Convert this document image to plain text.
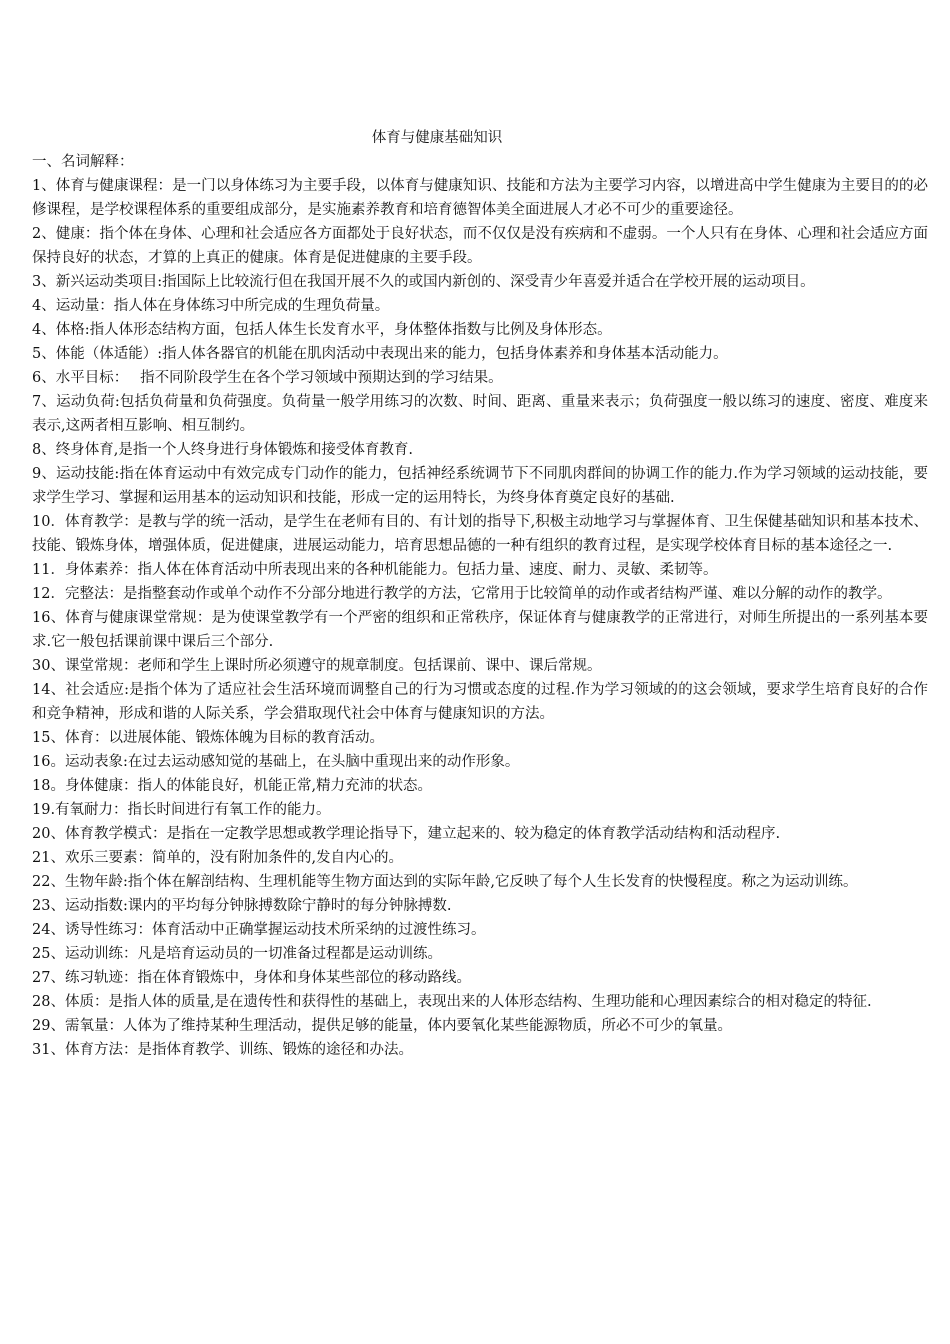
体育与健康基础知识

一、名词解释：

1、体育与健康课程：是一门以身体练习为主要手段，以体育与健康知识、技能和方法为主要学习内容，以增进高中学生健康为主要目的的必修课程，是学校课程体系的重要组成部分，是实施素养教育和培育德智体美全面进展人才必不可少的重要途径。

2、健康：指个体在身体、心理和社会适应各方面都处于良好状态，而不仅仅是没有疾病和不虚弱。一个人只有在身体、心理和社会适应方面保持良好的状态，才算的上真正的健康。体育是促进健康的主要手段。

3、新兴运动类项目:指国际上比较流行但在我国开展不久的或国内新创的、深受青少年喜爱并适合在学校开展的运动项目。

4、运动量：指人体在身体练习中所完成的生理负荷量。

4、体格:指人体形态结构方面，包括人体生长发育水平，身体整体指数与比例及身体形态。

5、体能（体适能）:指人体各器官的机能在肌肉活动中表现出来的能力，包括身体素养和身体基本活动能力。

6、水平目标：　 指不同阶段学生在各个学习领域中预期达到的学习结果。

7、运动负荷:包括负荷量和负荷强度。负荷量一般学用练习的次数、时间、距离、重量来表示；负荷强度一般以练习的速度、密度、难度来表示,这两者相互影响、相互制约。

8、终身体育,是指一个人终身进行身体锻炼和接受体育教育.

9、运动技能:指在体育运动中有效完成专门动作的能力，包括神经系统调节下不同肌肉群间的协调工作的能力.作为学习领域的运动技能，要求学生学习、掌握和运用基本的运动知识和技能，形成一定的运用特长，为终身体育奠定良好的基础.

10．体育教学：是教与学的统一活动，是学生在老师有目的、有计划的指导下,积极主动地学习与掌握体育、卫生保健基础知识和基本技术、技能、锻炼身体，增强体质，促进健康，进展运动能力，培育思想品德的一种有组织的教育过程，是实现学校体育目标的基本途径之一.

11．身体素养：指人体在体育活动中所表现出来的各种机能能力。包括力量、速度、耐力、灵敏、柔韧等。

12．完整法：是指整套动作或单个动作不分部分地进行教学的方法，它常用于比较简单的动作或者结构严谨、难以分解的动作的教学。

16、体育与健康课堂常规：是为使课堂教学有一个严密的组织和正常秩序，保证体育与健康教学的正常进行，对师生所提出的一系列基本要求.它一般包括课前课中课后三个部分.

30、课堂常规：老师和学生上课时所必须遵守的规章制度。包括课前、课中、课后常规。

14、社会适应:是指个体为了适应社会生活环境而调整自己的行为习惯或态度的过程.作为学习领域的的这会领域，要求学生培育良好的合作和竞争精神，形成和谐的人际关系，学会猎取现代社会中体育与健康知识的方法。

15、体育：以进展体能、锻炼体魄为目标的教育活动。

16。运动表象:在过去运动感知觉的基础上，在头脑中重现出来的动作形象。

18。身体健康：指人的体能良好，机能正常,精力充沛的状态。

19.有氧耐力：指长时间进行有氧工作的能力。

20、体育教学模式：是指在一定教学思想或教学理论指导下，建立起来的、较为稳定的体育教学活动结构和活动程序.

21、欢乐三要素：简单的，没有附加条件的,发自内心的。

22、生物年龄:指个体在解剖结构、生理机能等生物方面达到的实际年龄,它反映了每个人生长发育的快慢程度。称之为运动训练。

23、运动指数:课内的平均每分钟脉搏数除宁静时的每分钟脉搏数.

24、诱导性练习：体育活动中正确掌握运动技术所采纳的过渡性练习。

25、运动训练：凡是培育运动员的一切准备过程都是运动训练。

27、练习轨迹：指在体育锻炼中，身体和身体某些部位的移动路线。

28、体质：是指人体的质量,是在遗传性和获得性的基础上，表现出来的人体形态结构、生理功能和心理因素综合的相对稳定的特征.

29、需氧量：人体为了维持某种生理活动，提供足够的能量，体内要氧化某些能源物质，所必不可少的氧量。

31、体育方法：是指体育教学、训练、锻炼的途径和办法。
